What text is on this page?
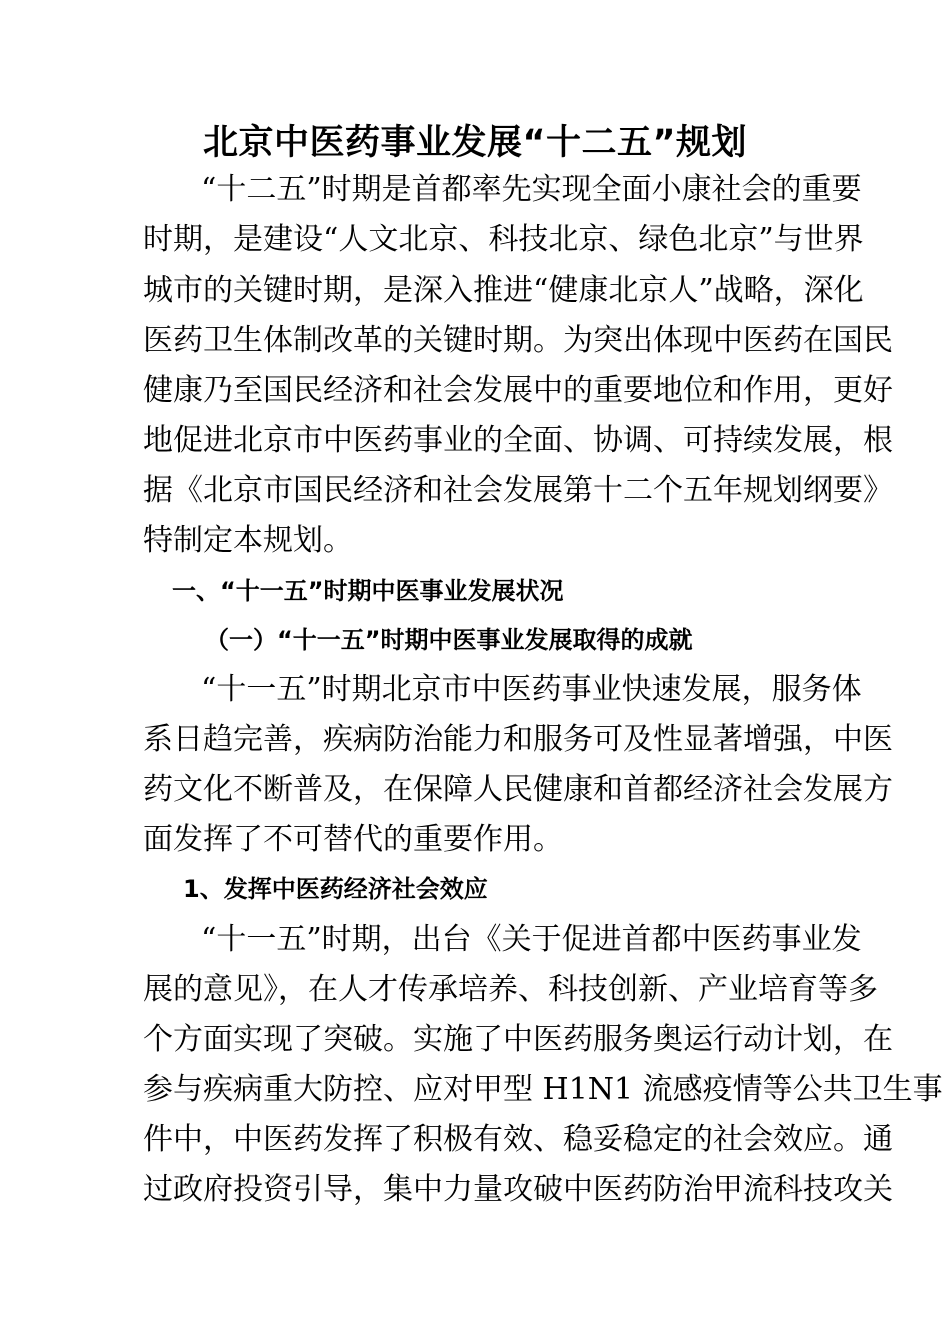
北京中医药事业发展“十二五”规划
“十二五”时期是首都率先实现全面小康社会的重要
时期，是建设“人文北京、科技北京、绿色北京”与世界
城市的关键时期，是深入推进“健康北京人”战略，深化
医药卫生体制改革的关键时期。为突出体现中医药在国民
健康乃至国民经济和社会发展中的重要地位和作用，更好
地促进北京市中医药事业的全面、协调、可持续发展，根
据《北京市国民经济和社会发展第十二个五年规划纲要》
特制定本规划。
一、“十一五”时期中医事业发展状况
（一）“十一五”时期中医事业发展取得的成就
“十一五”时期北京市中医药事业快速发展，服务体
系日趋完善，疾病防治能力和服务可及性显著增强，中医
药文化不断普及，在保障人民健康和首都经济社会发展方
面发挥了不可替代的重要作用。
1、发挥中医药经济社会效应
“十一五”时期，出台《关于促进首都中医药事业发
展的意见》，在人才传承培养、科技创新、产业培育等多
个方面实现了突破。实施了中医药服务奥运行动计划，在
参与疾病重大防控、应对甲型 H1N1 流感疫情等公共卫生事
件中，中医药发挥了积极有效、稳妥稳定的社会效应。通
过政府投资引导，集中力量攻破中医药防治甲流科技攻关
